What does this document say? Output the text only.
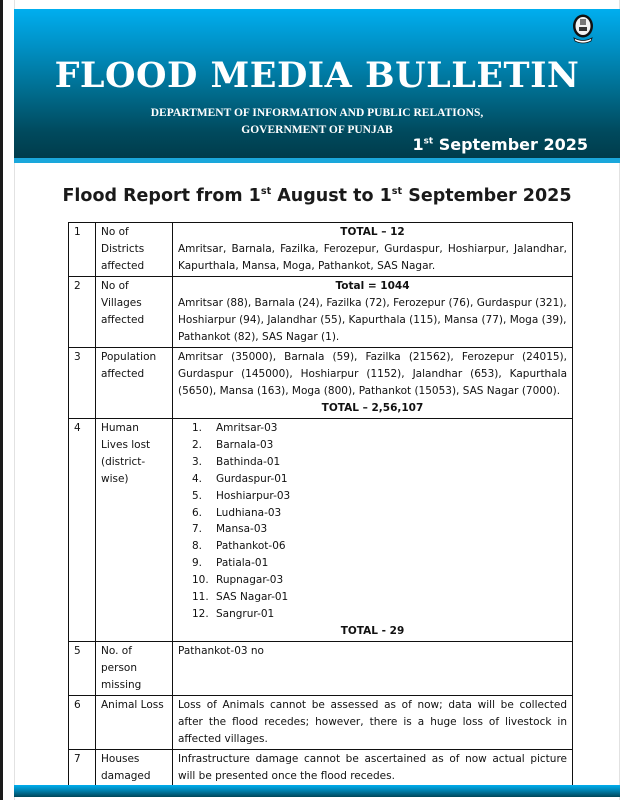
FLOOD MEDIA BULLETIN
DEPARTMENT OF INFORMATION AND PUBLIC RELATIONS,
GOVERNMENT OF PUNJAB
1st September 2025
Flood Report from 1st August to 1st September 2025
1	No of Districts affected	TOTAL – 12
Amritsar, Barnala, Fazilka, Ferozepur, Gurdaspur, Hoshiarpur, Jalandhar, Kapurthala, Mansa, Moga, Pathankot, SAS Nagar.

2	No of Villages affected	Total = 1044
Amritsar (88), Barnala (24), Fazilka (72), Ferozepur (76), Gurdaspur (321), Hoshiarpur (94), Jalandhar (55), Kapurthala (115), Mansa (77), Moga (39), Pathankot (82), SAS Nagar (1).

3	Population affected	Amritsar (35000), Barnala (59), Fazilka (21562), Ferozepur (24015), Gurdaspur (145000), Hoshiarpur (1152), Jalandhar (653), Kapurthala (5650), Mansa (163), Moga (800), Pathankot (15053), SAS Nagar (7000).
TOTAL – 2,56,107

4	Human Lives lost (district-wise)	
1. Amritsar-03
2. Barnala-03
3. Bathinda-01
4. Gurdaspur-01
5. Hoshiarpur-03
6. Ludhiana-03
7. Mansa-03
8. Pathankot-06
9. Patiala-01
10. Rupnagar-03
11. SAS Nagar-01
12. Sangrur-01
TOTAL - 29

5	No. of person missing	Pathankot-03 no
6	Animal Loss	Loss of Animals cannot be assessed as of now; data will be collected after the flood recedes; however, there is a huge loss of livestock in affected villages.
7	Houses damaged	Infrastructure damage cannot be ascertained as of now actual picture will be presented once the flood recedes.
